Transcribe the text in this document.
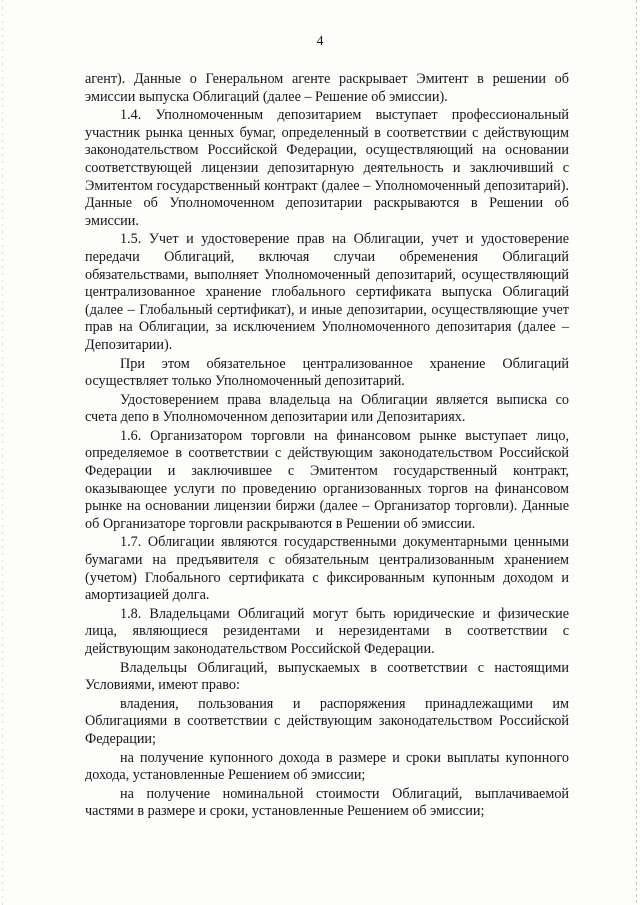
4

агент). Данные о Генеральном агенте раскрывает Эмитент в решении об эмиссии выпуска Облигаций (далее – Решение об эмиссии).

1.4. Уполномоченным депозитарием выступает профессиональный участник рынка ценных бумаг, определенный в соответствии с действующим законодательством Российской Федерации, осуществляющий на основании соответствующей лицензии депозитарную деятельность и заключивший с Эмитентом государственный контракт (далее – Уполномоченный депозитарий). Данные об Уполномоченном депозитарии раскрываются в Решении об эмиссии.

1.5. Учет и удостоверение прав на Облигации, учет и удостоверение передачи Облигаций, включая случаи обременения Облигаций обязательствами, выполняет Уполномоченный депозитарий, осуществляющий централизованное хранение глобального сертификата выпуска Облигаций (далее – Глобальный сертификат), и иные депозитарии, осуществляющие учет прав на Облигации, за исключением Уполномоченного депозитария (далее – Депозитарии).

При этом обязательное централизованное хранение Облигаций осуществляет только Уполномоченный депозитарий.

Удостоверением права владельца на Облигации является выписка со счета депо в Уполномоченном депозитарии или Депозитариях.

1.6. Организатором торговли на финансовом рынке выступает лицо, определяемое в соответствии с действующим законодательством Российской Федерации и заключившее с Эмитентом государственный контракт, оказывающее услуги по проведению организованных торгов на финансовом рынке на основании лицензии биржи (далее – Организатор торговли). Данные об Организаторе торговли раскрываются в Решении об эмиссии.

1.7. Облигации являются государственными документарными ценными бумагами на предъявителя с обязательным централизованным хранением (учетом) Глобального сертификата с фиксированным купонным доходом и амортизацией долга.

1.8. Владельцами Облигаций могут быть юридические и физические лица, являющиеся резидентами и нерезидентами в соответствии с действующим законодательством Российской Федерации.

Владельцы Облигаций, выпускаемых в соответствии с настоящими Условиями, имеют право:

владения, пользования и распоряжения принадлежащими им Облигациями в соответствии с действующим законодательством Российской Федерации;

на получение купонного дохода в размере и сроки выплаты купонного дохода, установленные Решением об эмиссии;

на получение номинальной стоимости Облигаций, выплачиваемой частями в размере и сроки, установленные Решением об эмиссии;
